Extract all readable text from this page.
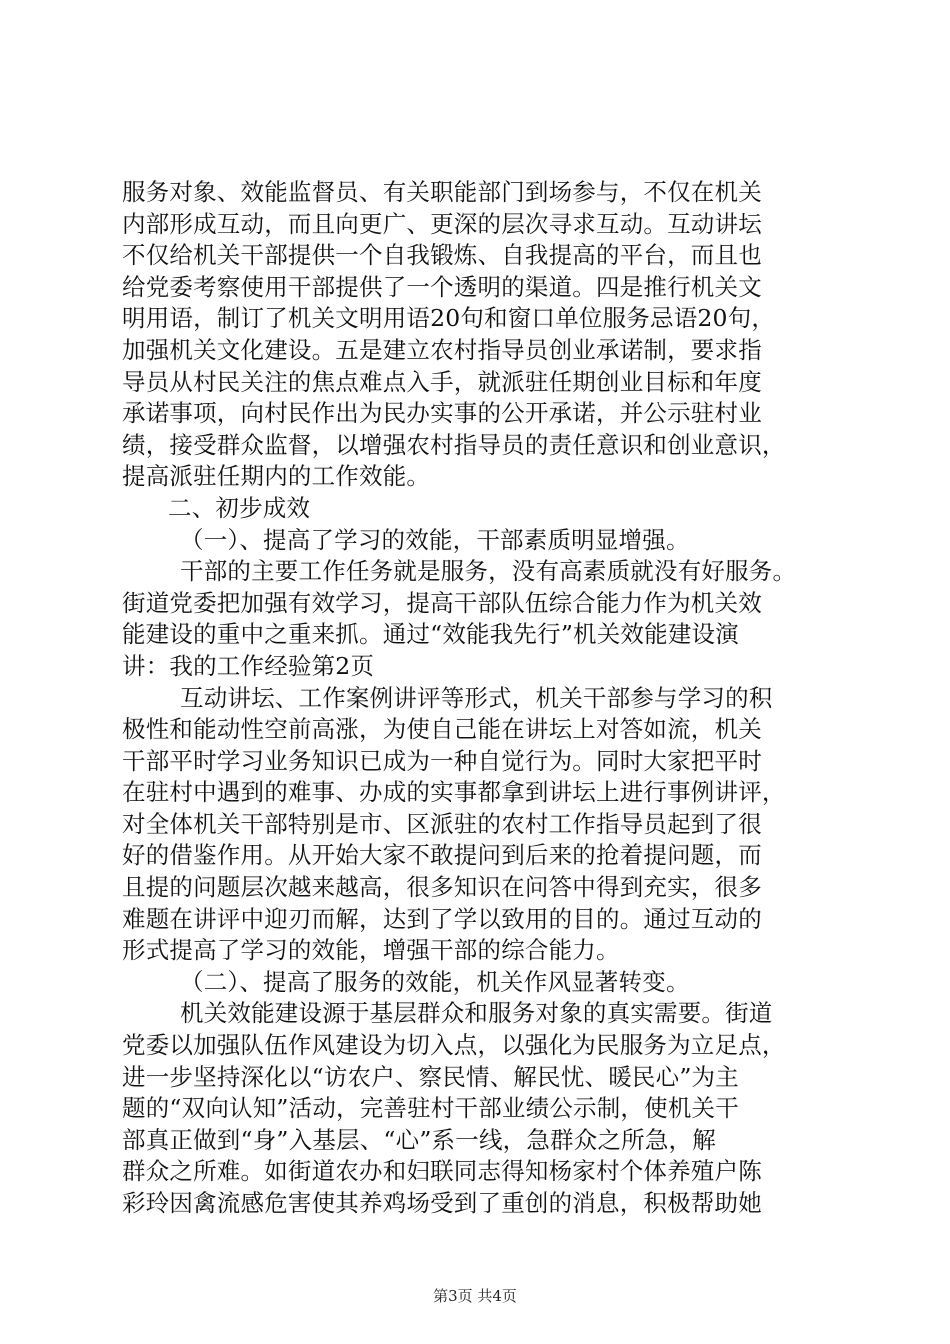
服务对象、效能监督员、有关职能部门到场参与，不仅在机关
内部形成互动，而且向更广、更深的层次寻求互动。互动讲坛
不仅给机关干部提供一个自我锻炼、自我提高的平台，而且也
给党委考察使用干部提供了一个透明的渠道。四是推行机关文
明用语，制订了机关文明用语20句和窗口单位服务忌语20句，
加强机关文化建设。五是建立农村指导员创业承诺制，要求指
导员从村民关注的焦点难点入手，就派驻任期创业目标和年度
承诺事项，向村民作出为民办实事的公开承诺，并公示驻村业
绩，接受群众监督，以增强农村指导员的责任意识和创业意识，
提高派驻任期内的工作效能。
二、初步成效
（一）、提高了学习的效能，干部素质明显增强。
干部的主要工作任务就是服务，没有高素质就没有好服务。
街道党委把加强有效学习，提高干部队伍综合能力作为机关效
能建设的重中之重来抓。通过“效能我先行”机关效能建设演
讲：我的工作经验第2页
互动讲坛、工作案例讲评等形式，机关干部参与学习的积
极性和能动性空前高涨，为使自己能在讲坛上对答如流，机关
干部平时学习业务知识已成为一种自觉行为。同时大家把平时
在驻村中遇到的难事、办成的实事都拿到讲坛上进行事例讲评，
对全体机关干部特别是市、区派驻的农村工作指导员起到了很
好的借鉴作用。从开始大家不敢提问到后来的抢着提问题，而
且提的问题层次越来越高，很多知识在问答中得到充实，很多
难题在讲评中迎刃而解，达到了学以致用的目的。通过互动的
形式提高了学习的效能，增强干部的综合能力。
（二）、提高了服务的效能，机关作风显著转变。
机关效能建设源于基层群众和服务对象的真实需要。街道
党委以加强队伍作风建设为切入点，以强化为民服务为立足点，
进一步坚持深化以“访农户、察民情、解民忧、暖民心”为主
题的“双向认知”活动，完善驻村干部业绩公示制，使机关干
部真正做到“身”入基层、“心”系一线，急群众之所急，解
群众之所难。如街道农办和妇联同志得知杨家村个体养殖户陈
彩玲因禽流感危害使其养鸡场受到了重创的消息，积极帮助她
第3页 共4页
